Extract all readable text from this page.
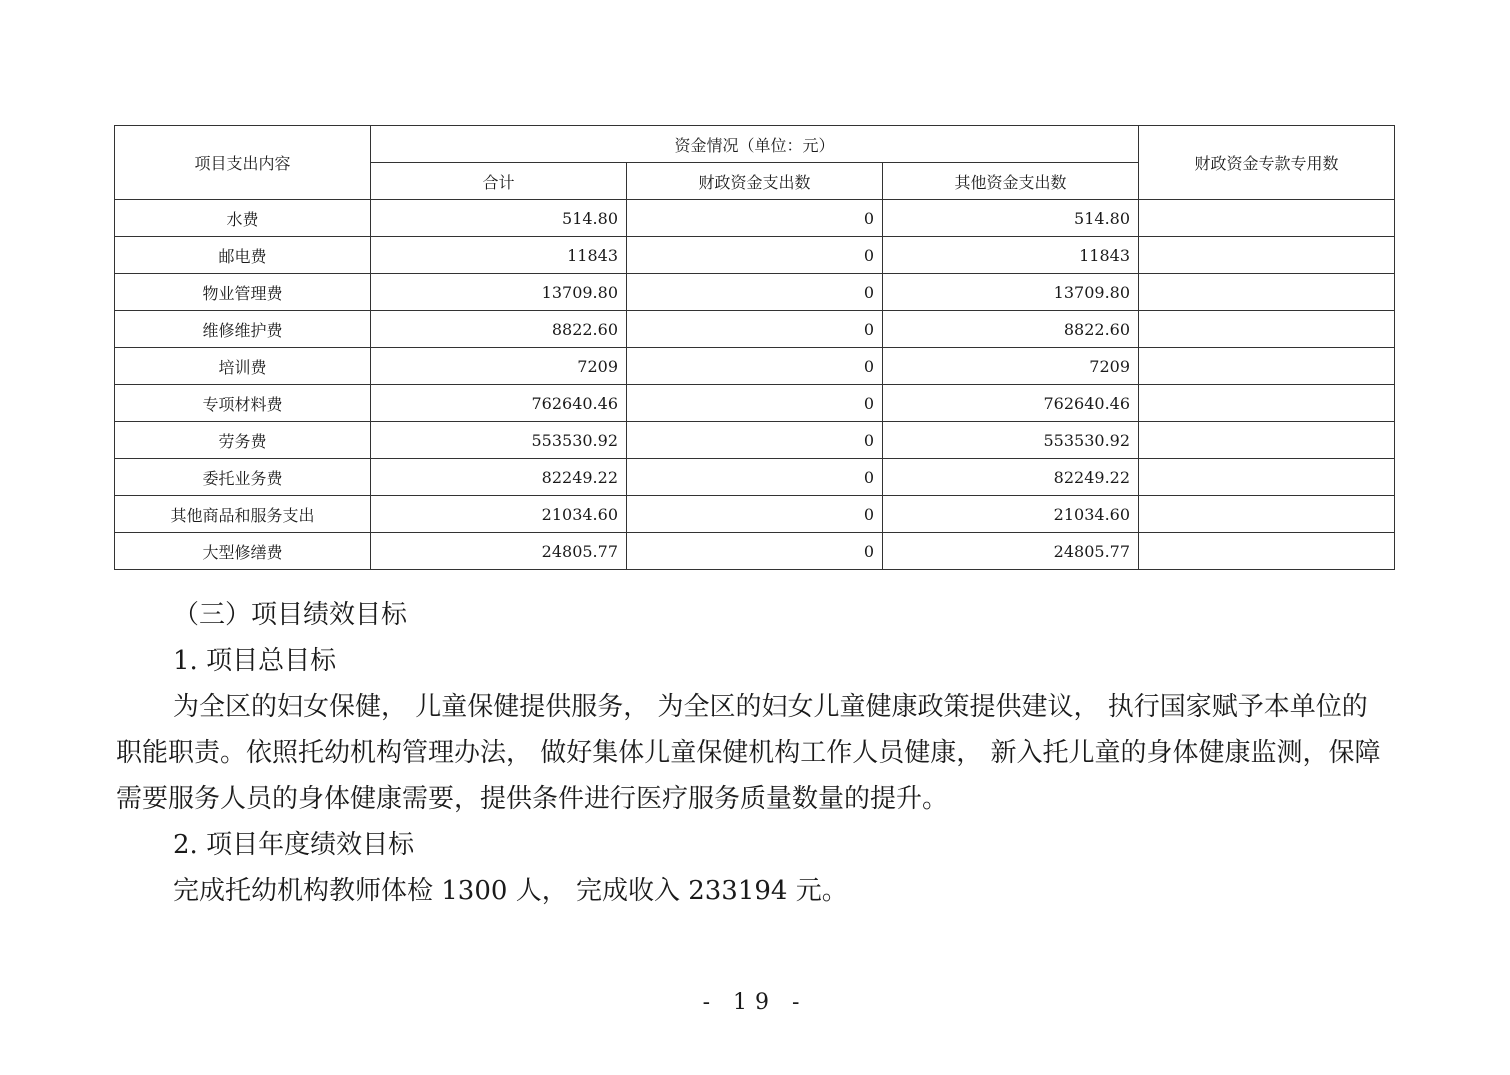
项目支出内容	资金情况（单位：元）			财政资金专款专用数
	合计	财政资金支出数	其他资金支出数	
水费	514.80	0	514.80	
邮电费	11843	0	11843	
物业管理费	13709.80	0	13709.80	
维修维护费	8822.60	0	8822.60	
培训费	7209	0	7209	
专项材料费	762640.46	0	762640.46	
劳务费	553530.92	0	553530.92	
委托业务费	82249.22	0	82249.22	
其他商品和服务支出	21034.60	0	21034.60	
大型修缮费	24805.77	0	24805.77	

（三）项目绩效目标

1. 项目总目标

为全区的妇女保健， 儿童保健提供服务， 为全区的妇女儿童健康政策提供建议， 执行国家赋予本单位的职能职责。依照托幼机构管理办法， 做好集体儿童保健机构工作人员健康， 新入托儿童的身体健康监测，保障需要服务人员的身体健康需要，提供条件进行医疗服务质量数量的提升。

2. 项目年度绩效目标

完成托幼机构教师体检 1300 人， 完成收入 233194 元。

- 19 -
